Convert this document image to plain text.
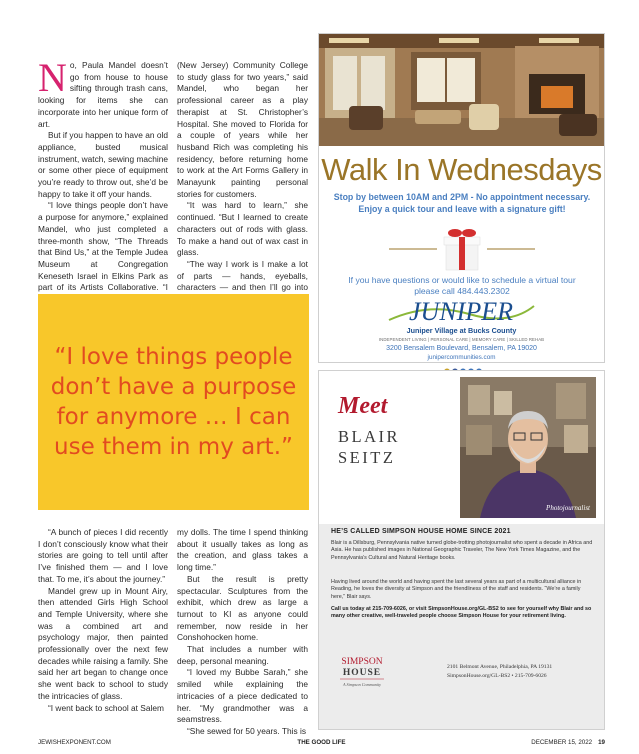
No, Paula Mandel doesn’t go from house to house sifting through trash cans, looking for items she can incorporate into her unique form of art.

But if you happen to have an old appliance, busted musical instrument, watch, sewing machine or some other piece of equipment you’re ready to throw out, she’d be happy to take it off your hands.

“I love things people don’t have a purpose for anymore,” explained Mandel, who just completed a three-month show, “The Threads that Bind Us,” at the Temple Judea Museum at Congregation Keneseth Israel in Elkins Park as part of its Artists Collaborative. “I

(New Jersey) Community College to study glass for two years,” said Mandel, who began her professional career as a play therapist at St. Christopher’s Hospital. She moved to Florida for a couple of years while her husband Rich was completing his residency, before returning home to work at the Art Forms Gallery in Manayunk painting personal stories for customers.

“It was hard to learn,” she continued. “But I learned to create characters out of rods with glass. To make a hand out of wax cast in glass.

“The way I work is I make a lot of parts — hands, eyeballs, characters — and then I’ll go into

“I love things people don’t have a purpose for anymore … I can use them in my art.”

“A bunch of pieces I did recently I don’t consciously know what their stories are going to tell until after I’ve finished them — and I love that. To me, it’s about the journey.”

Mandel grew up in Mount Airy, then attended Girls High School and Temple University, where she was a combined art and psychology major, then painted professionally over the next few decades while raising a family. She said her art began to change once she went back to school to study the intricacies of glass.

“I went back to school at Salem

my dolls. The time I spend thinking about it usually takes as long as the creation, and glass takes a long time.”

But the result is pretty spectacular. Sculptures from the exhibit, which drew as large a turnout to KI as anyone could remember, now reside in her Conshohocken home.

That includes a number with deep, personal meaning.

“I loved my Bubbe Sarah,” she smiled while explaining the intricacies of a piece dedicated to her. “My grandmother was a seamstress.

“She sewed for 50 years. This is

Walk In Wednesdays
Stop by between 10AM and 2PM - No appointment necessary.
Enjoy a quick tour and leave with a signature gift!
If you have questions or would like to schedule a virtual tour
please call 484.443.2302
JUNIPER
Juniper Village at Bucks County
INDEPENDENT LIVING | PERSONAL CARE | MEMORY CARE | SKILLED REHAB
3200 Bensalem Boulevard, Bensalem, PA 19020
junipercommunities.com
Meet
BLAIR
SEITZ
Photojournalist
HE’S CALLED SIMPSON HOUSE HOME SINCE 2021
Blair is a Dillsburg, Pennsylvania native turned globe-trotting photojournalist who spent a decade in Africa and Asia. He has published images in National Geographic Traveler, The New York Times Magazine, and the Pennsylvania’s Cultural and Natural Heritage books.
Having lived around the world and having spent the last several years as part of a multicultural alliance in Reading, he loves the diversity at Simpson and the friendliness of the staff and residents. “We’re a family here,” Blair says.
Call us today at 215-709-6026, or visit SimpsonHouse.org/GL-BS2 to see for yourself why Blair and so many other creative, well-traveled people choose Simpson House for your retirement living.
SIMPSON
HOUSE
A Simpson Community
2101 Belmont Avenue, Philadelphia, PA 19131
SimpsonHouse.org/GL-BS2 • 215-709-6026
THE GOOD LIFE
JEWISHEXPONENT.COM	DECEMBER 15, 2022 19
